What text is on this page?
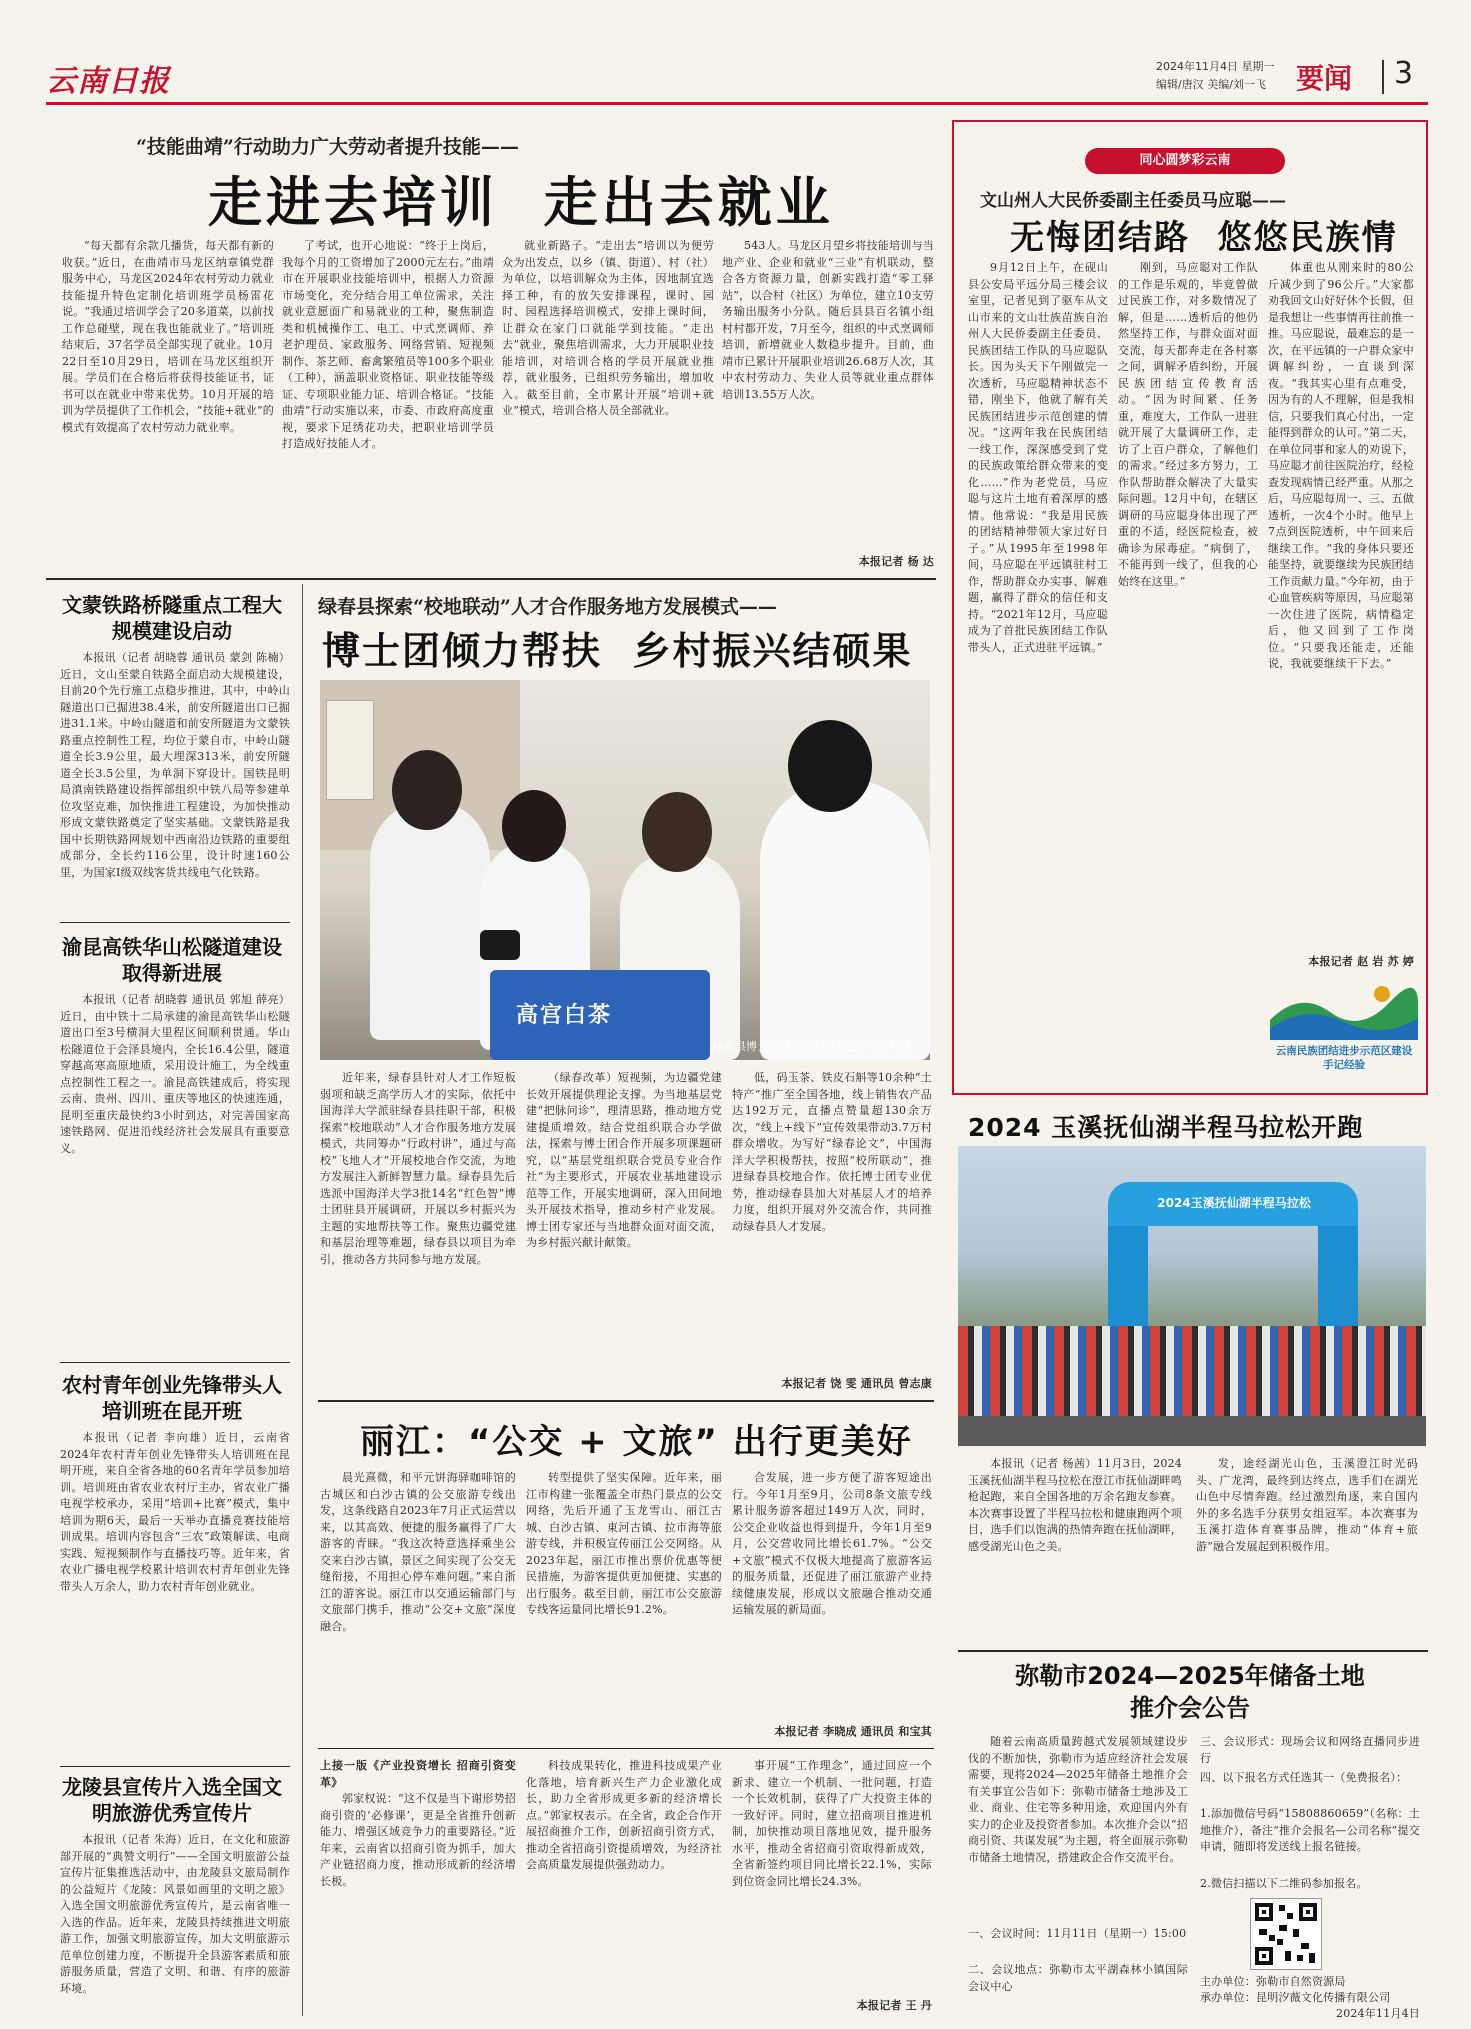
云南日报	2024年11月4日 星期一
编辑/唐汉 美编/刘一飞 要闻 3
“技能曲靖”行动助力广大劳动者提升技能——
走进去培训  走出去就业

“每天都有余款几播货，每天都有新的收获。”近日，在曲靖市马龙区纳章镇党群服务中心，马龙区2024年农村劳动力就业技能提升特色定制化培训班学员杨雷花说。“我通过培训学会了20多道菜，以前找工作总碰壁，现在我也能就业了。”培训班结束后，37名学员全部实现了就业。10月22日至10月29日，培训在马龙区组织开展。学员们在合格后将获得技能证书，证书可以在就业中带来优势。10月开展的培训为学员提供了工作机会，“技能+就业”的模式有效提高了农村劳动力就业率。

了考试，也开心地说：“终于上岗后，我每个月的工资增加了2000元左右。”曲靖市在开展职业技能培训中，根据人力资源市场变化，充分结合用工单位需求，关注就业意愿面广和易就业的工种，聚焦制造类和机械操作工、电工、中式烹调师、养老护理员、家政服务、网络营销、短视频制作、茶艺师、畜禽繁殖员等100多个职业（工种），涵盖职业资格证、职业技能等级证、专项职业能力证、培训合格证。“技能曲靖”行动实施以来，市委、市政府高度重视，要求下足绣花功夫，把职业培训学员打造成好技能人才。

就业新路子。“走出去”培训以为便劳众为出发点，以乡（镇、街道）、村（社）为单位，以培训解众为主体，因地制宜选择工种，有的放矢安排课程，课时、园时、园程选择培训模式，安排上课时间，让群众在家门口就能学到技能。“走出去”就业，聚焦培训需求，大力开展职业技能培训，对培训合格的学员开展就业推荐，就业服务，已组织劳务输出，增加收入。截至目前，全市累计开展“培训+就业”模式，培训合格人员全部就业。

543人。马龙区月望乡将技能培训与当地产业、企业和就业“三业”有机联动，整合各方资源力量，创新实践打造“零工驿站”，以合村（社区）为单位，建立10支劳务输出服务小分队。随后县县百名镇小组村村都开发，7月至今，组织的中式烹调师培训，新增就业人数稳步提升。目前，曲靖市已累计开展职业培训26.68万人次，其中农村劳动力、失业人员等就业重点群体培训13.55万人次。

本报记者 杨 达
同心圆梦彩云南
文山州人大民侨委副主任委员马应聪——
无悔团结路  悠悠民族情

9月12日上午，在砚山县公安局平远分局三楼会议室里，记者见到了驱车从文山市来的文山壮族苗族自治州人大民侨委副主任委员、民族团结工作队的马应聪队长。因为头天下午刚做完一次透析，马应聪精神状态不错，刚坐下，他就了解有关民族团结进步示范创建的情况。“这两年我在民族团结一线工作，深深感受到了党的民族政策给群众带来的变化……”作为老党员，马应聪与这片土地有着深厚的感情。他常说：“我是用民族的团结精神带领大家过好日子。”从1995年至1998年间，马应聪在平远镇驻村工作，帮助群众办实事、解难题，赢得了群众的信任和支持。“2021年12月，马应聪成为了首批民族团结工作队带头人，正式进驻平远镇。”

刚到，马应聪对工作队的工作是乐观的，毕竟曾做过民族工作，对多数情况了解，但是……透析后的他仍然坚持工作，与群众面对面交流，每天都奔走在各村寨之间，调解矛盾纠纷，开展民族团结宣传教育活动。“因为时间紧、任务重，难度大，工作队一进驻就开展了大量调研工作，走访了上百户群众，了解他们的需求。”经过多方努力，工作队帮助群众解决了大量实际问题。12月中旬，在辖区调研的马应聪身体出现了严重的不适，经医院检查，被确诊为尿毒症。“病倒了，不能再到一线了，但我的心始终在这里。”

体重也从刚来时的80公斤减少到了96公斤。”大家都劝我回文山好好休个长假，但是我想让一些事情再往前推一推。马应聪说，最难忘的是一次，在平远镇的一户群众家中调解纠纷，一直谈到深夜。“我其实心里有点难受，因为有的人不理解，但是我相信，只要我们真心付出，一定能得到群众的认可。”第二天，在单位同事和家人的劝说下，马应聪才前往医院治疗，经检查发现病情已经严重。从那之后，马应聪每周一、三、五做透析，一次4个小时。他早上7点到医院透析，中午回来后继续工作。“我的身体只要还能坚持，就要继续为民族团结工作贡献力量。”今年初，由于心血管疾病等原因，马应聪第一次住进了医院，病情稳定后，他又回到了工作岗位。“只要我还能走，还能说，我就要继续干下去。”

本报记者 赵 岩 苏 婷
云南民族团结进步示范区建设 手记经验
文蒙铁路桥隧重点工程大规模建设启动

本报讯（记者 胡晓蓉 通讯员 蒙剑 陈楠）近日，文山至蒙自铁路全面启动大规模建设，目前20个先行施工点稳步推进，其中，中岭山隧道出口已掘进38.4米，前安所隧道出口已掘进31.1米。中岭山隧道和前安所隧道为文蒙铁路重点控制性工程，均位于蒙自市，中岭山隧道全长3.9公里，最大埋深313米，前安所隧道全长3.5公里，为单洞下穿设计。国铁昆明局滇南铁路建设指挥部组织中铁八局等参建单位攻坚克难，加快推进工程建设，为加快推动形成文蒙铁路奠定了坚实基础。文蒙铁路是我国中长期铁路网规划中西南沿边铁路的重要组成部分，全长约116公里，设计时速160公里，为国家Ⅰ级双线客货共线电气化铁路。

渝昆高铁华山松隧道建设取得新进展

本报讯（记者 胡晓蓉 通讯员 郭旭 薛亮）近日，由中铁十二局承建的渝昆高铁华山松隧道出口至3号横洞大里程区间顺利贯通。华山松隧道位于会泽县境内，全长16.4公里，隧道穿越高寒高原地质，采用设计施工，为全线重点控制性工程之一。渝昆高铁建成后，将实现云南、贵州、四川、重庆等地区的快速连通，昆明至重庆最快约3小时到达，对完善国家高速铁路网、促进沿线经济社会发展具有重要意义。

农村青年创业先锋带头人培训班在昆开班

本报讯（记者 李向雄）近日，云南省2024年农村青年创业先锋带头人培训班在昆明开班，来自全省各地的60名青年学员参加培训。培训班由省农业农村厅主办，省农业广播电视学校承办，采用“培训+比赛”模式，集中培训为期6天，最后一天举办直播竞赛技能培训成果。培训内容包含“三农”政策解读、电商实践、短视频制作与直播技巧等。近年来，省农业广播电视学校累计培训农村青年创业先锋带头人万余人，助力农村青年创业就业。

龙陵县宣传片入选全国文明旅游优秀宣传片

本报讯（记者 朱海）近日，在文化和旅游部开展的“典赞文明行”——全国文明旅游公益宣传片征集推选活动中，由龙陵县文旅局制作的公益短片《龙陵：风景如画里的文明之旅》入选全国文明旅游优秀宣传片，是云南省唯一入选的作品。近年来，龙陵县持续推进文明旅游工作，加强文明旅游宣传，加大文明旅游示范单位创建力度，不断提升全县游客素质和旅游服务质量，营造了文明、和谐、有序的旅游环境。

绿春县探索“校地联动”人才合作服务地方发展模式——
博士团倾力帮扶  乡村振兴结硕果
高宫白茶
绿春县博士团成员深入茶企进行实地调研。

近年来，绿春县针对人才工作短板弱项和缺乏高学历人才的实际，依托中国海洋大学派驻绿春县挂职干部，积极探索“校地联动”人才合作服务地方发展模式，共同筹办“行政村讲”，通过与高校“飞地人才”开展校地合作交流，为地方发展注入新鲜智慧力量。绿春县先后选派中国海洋大学3批14名“红色智”博士团驻县开展调研，开展以乡村振兴为主题的实地帮扶等工作。聚焦边疆党建和基层治理等难题，绿春县以项目为牵引，推动各方共同参与地方发展。

（绿春改革）短视频，为边疆党建长效开展提供理论支撑。为当地基层党建“把脉问诊”，理清思路，推动地方党建提质增效。结合党组织联合办学做法，探索与博士团合作开展多项课题研究，以“基层党组织联合党员专业合作社”为主要形式，开展农业基地建设示范等工作，开展实地调研，深入田间地头开展技术指导，推动乡村产业发展。博士团专家还与当地群众面对面交流，为乡村振兴献计献策。

低，码玉茶、铁皮石斛等10余种“土特产”推广至全国各地，线上销售农产品达192万元，直播点赞量超130余万次，“线上+线下”宣传效果带动3.7万村群众增收。为写好“绿春论文”，中国海洋大学积极帮扶，按照“校所联动”，推进绿春县校地合作。依托博士团专业优势，推动绿春县加大对基层人才的培养力度，组织开展对外交流合作，共同推动绿春县人才发展。

本报记者 饶 雯 通讯员 曾志康
丽江：“公交 + 文旅” 出行更美好

晨光熹微，和平元饼海驿咖啡馆的古城区和白沙古镇的公交旅游专线出发，这条线路自2023年7月正式运营以来，以其高效、便捷的服务赢得了广大游客的青睐。“我这次特意选择乘坐公交来白沙古镇，景区之间实现了公交无缝衔接，不用担心停车难问题。”来自浙江的游客说。丽江市以交通运输部门与文旅部门携手，推动“公交+文旅”深度融合。

转型提供了坚实保障。近年来，丽江市构建一张覆盖全市热门景点的公交网络，先后开通了玉龙雪山、丽江古城、白沙古镇、東河古镇、拉市海等旅游专线，并积极宣传丽江公交网络。从2023年起，丽江市推出票价优惠等便民措施，为游客提供更加便捷、实惠的出行服务。截至目前，丽江市公交旅游专线客运量同比增长91.2%。

合发展，进一步方便了游客短途出行。今年1月至9月，公司8条文旅专线累计服务游客超过149万人次，同时，公交企业收益也得到提升，今年1月至9月，公交营收同比增长61.7%。“公交+文旅”模式不仅极大地提高了旅游客运的服务质量，还促进了丽江旅游产业持续健康发展，形成以文旅融合推动交通运输发展的新局面。

本报记者 李晓成 通讯员 和宝其
上接一版《产业投资增长 招商引资变革》

郭家权说：“这不仅是当下谢形势招商引资的‘必修课’，更是全省推升创新能力、增强区域竞争力的重要路径。”近年来，云南省以招商引资为抓手，加大产业链招商力度，推动形成新的经济增长极。

科技成果转化，推进科技成果产业化落地，培育新兴生产力企业激化成长，助力全省形成更多新的经济增长点。”郭家权表示。在全省，政企合作开展招商推介工作，创新招商引资方式，推动全省招商引资提质增效，为经济社会高质量发展提供强劲动力。

事开展“工作理念”，通过回应一个新求、建立一个机制、一批问题，打造一个长效机制，获得了广大投资主体的一致好评。同时，建立招商项目推进机制，加快推动项目落地见效，提升服务水平，推动全省招商引资取得新成效，全省新签约项目同比增长22.1%，实际到位资金同比增长24.3%。

本报记者 王 丹
2024 玉溪抚仙湖半程马拉松开跑
2024玉溪抚仙湖半程马拉松

本报讯（记者 杨茜）11月3日，2024玉溪抚仙湖半程马拉松在澄江市抚仙湖畔鸣枪起跑，来自全国各地的万余名跑友参赛。本次赛事设置了半程马拉松和健康跑两个项目，选手们以饱满的热情奔跑在抚仙湖畔，感受湖光山色之美。

发，途经湖光山色，玉溪澄江时光码头、广龙湾，最终到达终点，选手们在湖光山色中尽情奔跑。经过激烈角逐，来自国内外的多名选手分获男女组冠军。本次赛事为玉溪打造体育赛事品牌，推动“体育+旅游”融合发展起到积极作用。

弥勒市2024—2025年储备土地推介会公告

随着云南高质量跨越式发展领域建设步伐的不断加快，弥勒市为适应经济社会发展需要，现将2024—2025年储备土地推介会有关事宜公告如下：弥勒市储备土地涉及工业、商业、住宅等多种用途，欢迎国内外有实力的企业及投资者参加。本次推介会以“招商引资、共谋发展”为主题，将全面展示弥勒市储备土地情况，搭建政企合作交流平台。

一、会议时间：11月11日（星期一）15:00
二、会议地点：弥勒市太平湖森林小镇国际会议中心
三、会议形式：现场会议和网络直播同步进行
四、以下报名方式任选其一（免费报名）：
1.添加微信号码“15808860659”（名称：土地推介），备注“推介会报名—公司名称”提交申请，随即将发送线上报名链接。
2.微信扫描以下二维码参加报名。
主办单位：弥勒市自然资源局
承办单位：昆明汐薇文化传播有限公司
2024年11月4日
